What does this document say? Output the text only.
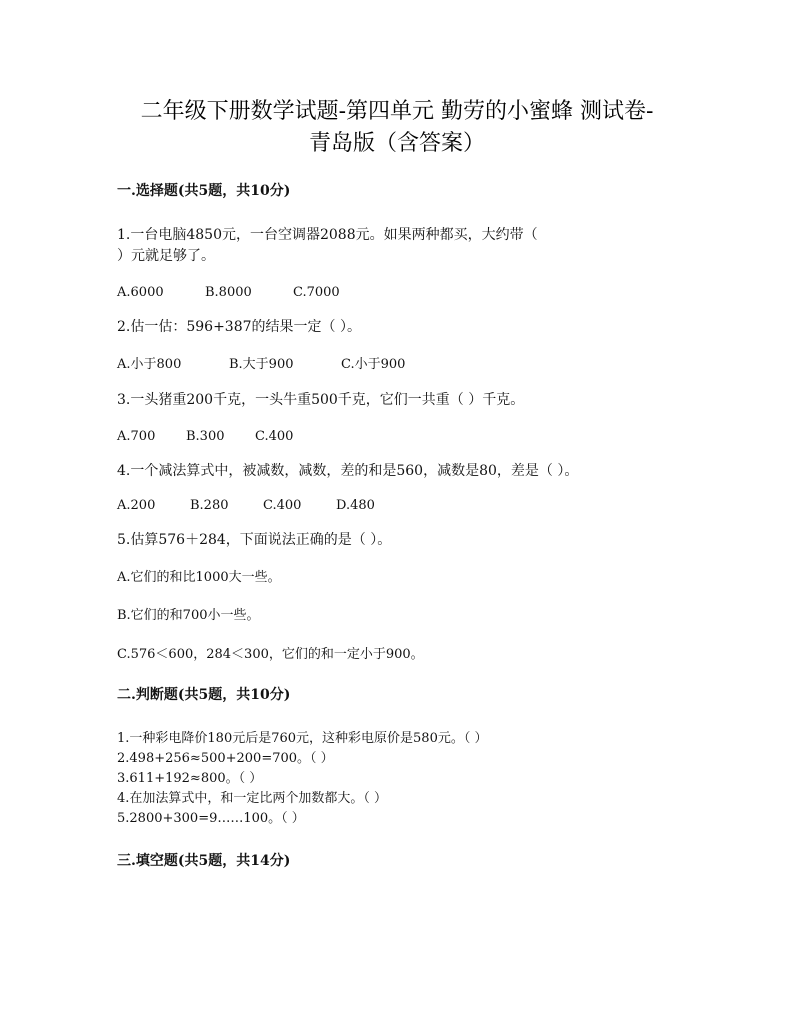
二年级下册数学试题-第四单元 勤劳的小蜜蜂 测试卷-
青岛版（含答案）
一.选择题(共5题，共10分)
1.一台电脑4850元，一台空调器2088元。如果两种都买，大约带（
）元就足够了。
A.6000	B.8000	C.7000
2.估一估：596+387的结果一定（ ）。
A.小于800	B.大于900	C.小于900
3.一头猪重200千克，一头牛重500千克，它们一共重（ ）千克。
A.700 B.300 C.400
4.一个减法算式中，被减数，减数，差的和是560，减数是80，差是（ ）。
A.200	B.280	C.400	D.480
5.估算576＋284，下面说法正确的是（ ）。
A.它们的和比1000大一些。
B.它们的和700小一些。
C.576＜600，284＜300，它们的和一定小于900。
二.判断题(共5题，共10分)
1.一种彩电降价180元后是760元，这种彩电原价是580元。（ ）
2.498+256≈500+200=700。（ ）
3.611+192≈800。（ ）
4.在加法算式中，和一定比两个加数都大。（ ）
5.2800+300=9……100。（ ）
三.填空题(共5题，共14分)
